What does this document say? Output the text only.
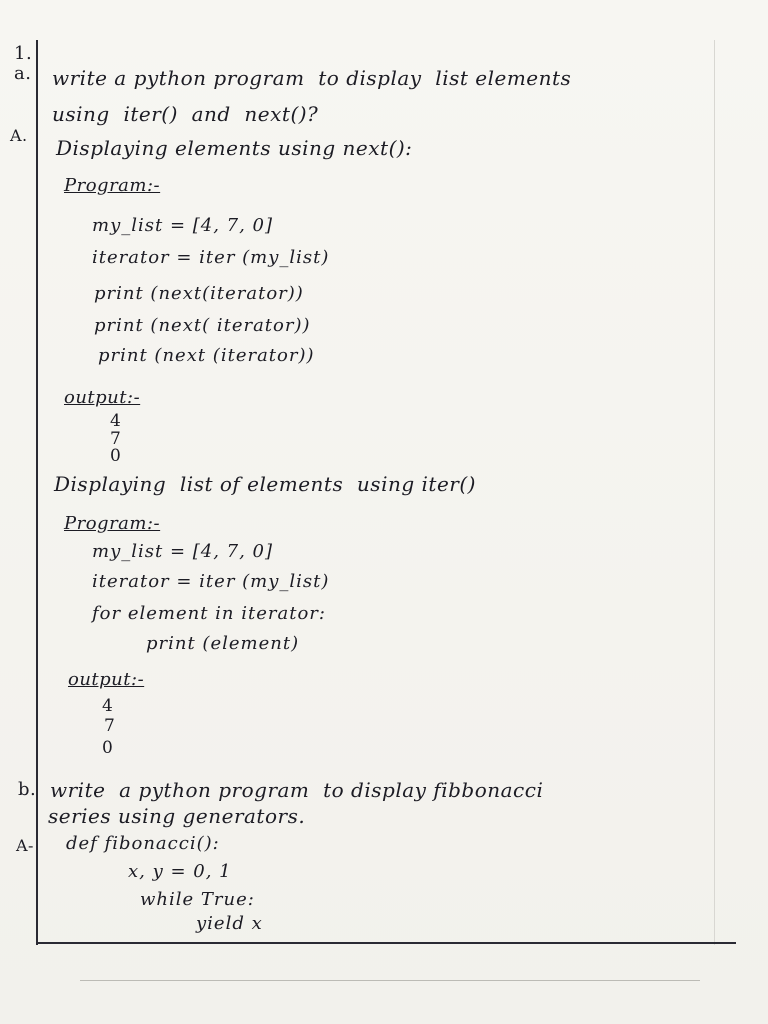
1.
a.
A.
b.
A-
write a python program  to display  list elements
using  iter()  and  next()?
Displaying elements using next():
Program:-
my_list = [4, 7, 0]
iterator = iter (my_list)
print (next(iterator))
print (next( iterator))
print (next (iterator))
output:-
4
7
0
Displaying  list of elements  using iter()
Program:-
my_list = [4, 7, 0]
iterator = iter (my_list)
for element in iterator:
print (element)
output:-
4
7
0
write  a python program  to display fibbonacci
series using generators.
def fibonacci():
x, y = 0, 1
while True:
yield x
